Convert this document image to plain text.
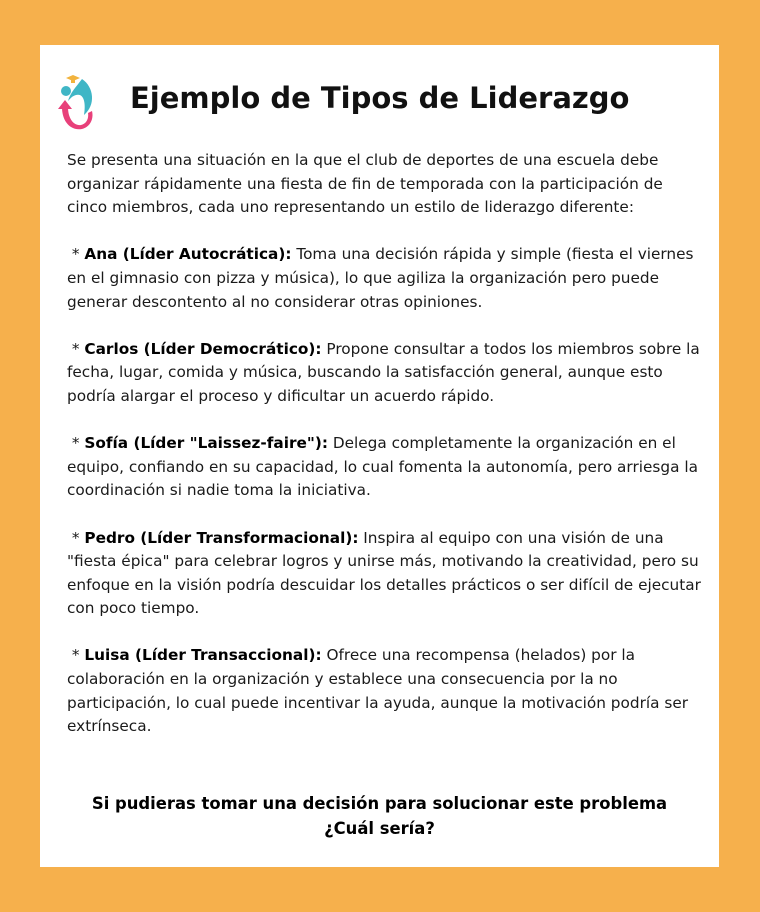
Ejemplo de Tipos de Liderazgo

Se presenta una situación en la que el club de deportes de una escuela debe organizar rápidamente una fiesta de fin de temporada con la participación de cinco miembros, cada uno representando un estilo de liderazgo diferente:

* Ana (Líder Autocrática): Toma una decisión rápida y simple (fiesta el viernes en el gimnasio con pizza y música), lo que agiliza la organización pero puede generar descontento al no considerar otras opiniones.

* Carlos (Líder Democrático): Propone consultar a todos los miembros sobre la fecha, lugar, comida y música, buscando la satisfacción general, aunque esto podría alargar el proceso y dificultar un acuerdo rápido.

* Sofía (Líder "Laissez-faire"): Delega completamente la organización en el equipo, confiando en su capacidad, lo cual fomenta la autonomía, pero arriesga la coordinación si nadie toma la iniciativa.

* Pedro (Líder Transformacional): Inspira al equipo con una visión de una "fiesta épica" para celebrar logros y unirse más, motivando la creatividad, pero su enfoque en la visión podría descuidar los detalles prácticos o ser difícil de ejecutar con poco tiempo.

* Luisa (Líder Transaccional): Ofrece una recompensa (helados) por la colaboración en la organización y establece una consecuencia por la no participación, lo cual puede incentivar la ayuda, aunque la motivación podría ser extrínseca.

Si pudieras tomar una decisión para solucionar este problema
¿Cuál sería?
